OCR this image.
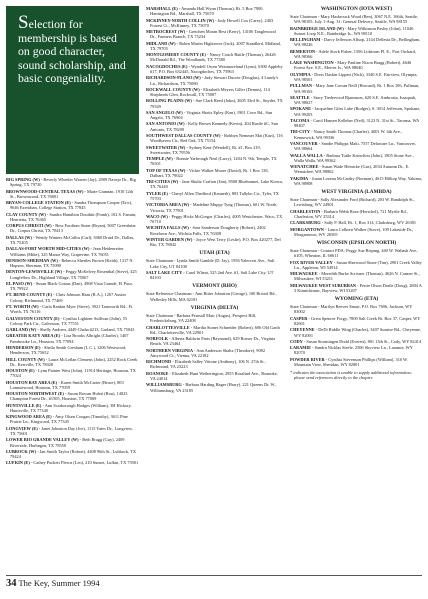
Selection for membership is based on good character, sound scholarship, and basic congeniality.

BIG SPRING (W) - Beverly Wheeler Warren (Jay), 2909 Navajo Dr., Big Spring, TX 79720
BROWNWOOD-CENTRAL TEXAS (W) - Marie Grannan, 1910 12th St., Brownwood, TX 76801
BRYAN-COLLEGE STATION (E) - Sandra Thompson Cooper (Eric), 9646 Exeridian, College Station, TX 77845
CLAY COUNTY (W) - Sandra Hamilton Douthitt (Frank), 102 S. Fannin, Henrietta, TX 76365
CORPUS CHRISTI (W) - Bess Fordtran Stone (Bryan), 5007 Greenbriar Dr., Corpus Christi, TX 78413
DALLAS (W) - Wendy Winters McCallin (Carl), 3060 Druid Dr., Dallas, TX 75205
DALLAS-FORT WORTH MID-CITIES (W) - Jean Heidenreiter Williams (Mike), 325 Manor Way, Grapevine, TX 76051
DENISON-SHERMAN (W) - Rebecca Shettles Brown (Keith), 1317 N. Hopson, Sherman, TX 75090
DENTON-LEWISVILLE (W) - Peggy McKelvey Rosenthal (Steve), 425 Longfellow Dr., Highland Village, TX 75067
EL PASO (W) - Susan Black Gotaas (Dan), 4968 Vista Grande, El Paso, TX 79922
FT. BEND COUNTY (E) - Chris Johnson Haas (R.A.), 1207 Austin Colony, Richmond, TX 77469
FT. WORTH (W) - Carla Rankin Myer (Steve), 3921 Tamworth Rd., Ft. Worth, TX 76116
GALVESTON COUNTY (E) - Cynthia Lightner Sullivan (John), 55 Colony Park Cir., Galveston, TX 77551
GARLAND (W) - Shelly Andoen, 4449 Chaha #213, Garland, TX 75043
GREATER KATY AREA (E) - Lisa Brooks Albright (Charles), 1407 Pambrooke Ln., Houston, TX 77094
HENDERSON (E) - Sheila Smith Gresham (L.C.), 1206 Westwood, Henderson, TX 75652
HILL COUNTY (W) - Laura McLellan Clemens (John), 2252 Rock Creek Dr., Kerrville, TX 78028
HOUSTON (E) - Lynn Painter West (John), 11914 Heritage, Houston, TX 77024
HOUSTON BAY AREA (E) - Karen Smith McCarter (Bruce), 803 Lomniewood, Houston, TX 77059
HOUSTON NORTHWEST (E) - Susan Rowan Hulett (Ron), 14023 Champion Forest Dr., #1505, Houston, TX 77069
HUNTSVILLE (E) - Ann Scarborough Hodges (William), 3H Hickory, Huntsville, TX 77340
KINGWOOD AREA (E) - Amy Olsen Coogan (Timothy), 3611 Pine Prairie Ln., Kingwood, TX 77345
LONGVIEW (E) - Janet Johnston Day (Joe), 1115 Yates Dr., Longview, TX 75601
LOWER RIO GRANDE VALLEY (W) - Beth Bragg (Guy), 2409 Riverside, Harlingen, TX 78550
LUBBOCK (W) - Jan Smith Taylor (Robert), 4408 96th St., Lubbock, TX 79424
LUFKIN (E) - Cathey Puckett Flescn (Leo), 210 Sunset, Lufkin, TX 75901
MARSHALL (E) - Amanda Hall Wynn (Thomas), Rt. 5 Box 7900, Harrington Rd., Marshall, TX 75670
MCKINNEY-NORTH COLLIN (W) - Judy Howell Cox (Carey), 2403 Forrest Ct., McKinney, TX 75070
METROCREST (W) - Gretchen Moran Best (Kerry), 14106 Tanglewood Dr., Farmers Branch, TX 75234
MIDLAND (W) - Robin Martin Hightower (Jack), 2007 Standlord, Midland, TX 79705
MONTGOMERY COUNTY (E) - Nancy Couch Battle (Thomas), 26426 McDonald Rd., The Woodlands, TX 77380
NACOGDOCHES (E) - Wyndell Owen Westmoreland (Lynn), 6300 Appleby #17, P.O. Box 632445, Nacogdoches, TX 75963
RICHARDSON-PLANO (W) - Judy Stewart Ducote (Douglas), 4 Lundy's Ln., Richardson, TX 75080
ROCKWALL COUNTY (W) - Elizabeth Meyers Giller (Dennis), 114 Shepherds Glen, Rockwall, TX 75087
ROLLING PLAINS (W) - Sue Clark Reed (John), 2605 33rd St., Snyder, TX 79549
SAN ANGELO (W) - Virginia Shotts Epley (Ken), 1901 Covo Rd., San Angelo, TX 76904
SAN ANTONIO (W) - Kelly Brown Kennedy (Kevin), 204 Rustle #C, San Antonio, TX 78209
SOUTHWEST DALLAS COUNTY (W) - Robbyn Nemmer Mai (Kurt), 116 Woodhaven Cir., Red Oak, TX 75154
SWEETWATER (W) - Sydney Kent (Wendell), Rt. #1, Box 219, Sweetwater, TX 79556
TEMPLE (W) - Bonnie Yarbrough Neal (Larry), 1204 N. 9th, Temple, TX 76501
TOP OF TEXAS (W) - Vickie Walker Moore (David), Rt. 1 Box 138, Dalhart, TX 79022
TRI-CITIES (W) - Jane Shultz Crafton (Jim), 8500 Bluebonnet, Lake Kiowa, TX 76240
TYLER (E) - Cheryl Allen Thedford (Kenneth), 803 Tallyho Cir., Tyler, TX 75703
VICTORIA AREA (W) - Madeline Muppy Tyng (Thomas), 601 W. North, Victoria, TX 77901
WACO (W) - Peggy Hicks McGregor (Charles), 4005 Westchester, Waco, TX 76710
WICHITA FALLS (W) - Sara Sanderson Dougherty (Robert), 2402 Roselawn Ave., Wichita Falls, TX 76308
WINTER GARDEN (W) - Joyce West Terry (Leslie), P.O. Box 420277, Del Rio, TX 78842
UTAH (ETA)
State Chairman - Lynda Smith Gamble (D. Jay), 1956 Yalecrest Ave., Salt Lake City, UT 84108
SALT LAKE CITY - Carol Wheat, 525 2nd Ave. #1, Salt Lake City, UT 84103
VERMONT (RHO)
State Reference Chairman - Ann Ritter Johnston (George), 100 Bristol Rd., Wellesley Hills, MA 02181
VIRGINIA (DELTA)
State Chairman - Barbara Pearsall Muir (Angus), Prospect Hill, Fredericksburg, VA 22408
CHARLOTTESVILLE - Martha Stoner Schneider (Robert), 606 Old Garth Rd., Charlottesville, VA 22901
NORFOLK - Alberta Baldwin Paris (Raymond), 629 Rosser Dr., Virginia Beach, VA 23464
NORTHERN VIRGINIA - Ann Anderson Shaltz (Theodore), 9082 Amywood Ct., Vienna, VA 22182
RICHMOND - Elizabeth Salley Vittone (Anthony), 106 N. 27th St., Richmond, VA 23223
ROANOKE - Elizabeth Hunt Wetherington, 2955 Rosalind Ave., Roanoke, VA 24014
WILLIAMSBURG - Barbara Harding Hager (Harry), 221 Queens Dr. W., Williamsburg, VA 23185
WASHINGTON (IOTA WEST)
State Chairman - Mary Hasbrouck Wood (Ben), 3067 N.E. 166th, Seattle, WA 98105. July 1-Aug. 31: General Delivery, Seattle, WA 98155
BAINBRIDGE ISLAND (W) - Mary Wilkinson Pasley (John), 11046 Sunset Loop N.E., Bainbridge Is., WA 98110
BELLINGHAM - Darcy Jefferson Allsop, 2144 Dellesta Dr., Bellingham, WA 98226
BEMERTON - Adele Stock Fisher, 1506 Lidstrom Pl. E., Port Orchard, WA 98366
LAKE WASHINGTON - Mary Pauline Nixon Bragg (Robert), 4646 Forest Ave. S.E., Mercer Is., WA 98040
OLYMPIA - Doris Daskin Lippert (Nick), 3340 S.E. Fairview, Olympia, WA 98501
PULLMAN - Mary Jane Cowan Neill (Howard), Rt. 1 Box 106, Pullman, WA 99163
SEATTLE - Stacy Tiedervood Bjarnason, 620 S.E. Ambrosia, Issaquah, WA 98027
SPOKANE - Jacqueline Giles Lake (Rodger), S. 3014 Jefferson, Spokane, WA 99203
TACOMA - Carol Hansen Kelleher (Neil), 3123 N. 31st St., Tacoma, WA 98407
TRI-CITY - Nancy Smith Thomas (Charles), 4001 W. 4th Ave., Kennewick, WA 99336
VANCOUVER - Sandie Philipps Maki, 7557 Delaware Ln., Vancouver, WA 98664
WALLA WALLA - Barbara Tuttle Knowlton (John), 1805 Stone Ave., Walla Walla, WA 99362
WENATCHEE - Susan Wade Heinicke (Gus), 2034 Autumn Dr., E. Wenatchee, WA 98802
YAKIMA - Joann Lozeau McCarthy (Norman), 4615 Hilltop Way, Yakima, WA 98908
WEST VIRGINIA (LAMBDA)
State Chairman - Sally Alexander Ford (Richard), 203 W. Randolph St., Lewisburg, WV 24901
CHARLESTON - Barbara Webb Rose (Herschel), 721 Myrtle Rd., Charleston, WV 25314
CLARKSBURG - Sally P. Hall, Rt. 1, Box 314, Clarksburg, WV 26301
MORGANTOWN - Laura Colborn Walker (Steve), 109 Lakeside Dr., Morgantown, WV 26505
WISCONSIN (EPSILON NORTH)
State Chairman - Contact PDA: Peggy Sue Bisping, 440 W. Wabash Ave., #105, Wheaton, IL 60611
FOX RIVER VALLEY - Susan Sherwood Stone (Tim), 2901 Creek Valley Ln., Appleton, WI 54914
MILWAUKEE - Meredith Burke Scrivner (Thomas), 4626 N. Cramer St., Milwaukee, WI 53211
MILWAUKEE WEST SUBURBAN - Perrie Olson Draile (Doug), 2804 A 3 Kinnickinnic, Bayview, WI 53207
WYOMING (ETA)
State Chairman - Marilyn Reeves Smart, P.O. Box 7696, Jackson, WY 83002
CASPER - Greta Spencer Forgy, 7800 Salt Creek Rt. Box 37, Casper, WY 82601
CHEYENNE - DeDi Riddle Wing (Charles), 3407 Sunrise Rd., Cheyenne, WY 82001
CODY - Susan Stromingen Dodd (Everett), 801 13th St., Cody, WY 82414
LARAMIE - Sandra Nicklas Steele, 2506 Skyview Ln., Laramie, WY 82070
POWDER RIVER - Cynthia Stevenson Phillips (William), 310 W. Mountain View, Sheridan, WY 82801
* indicates the association is unable to supply additional information; please send references directly to the chapter.
34 The Key, Summer 1994
